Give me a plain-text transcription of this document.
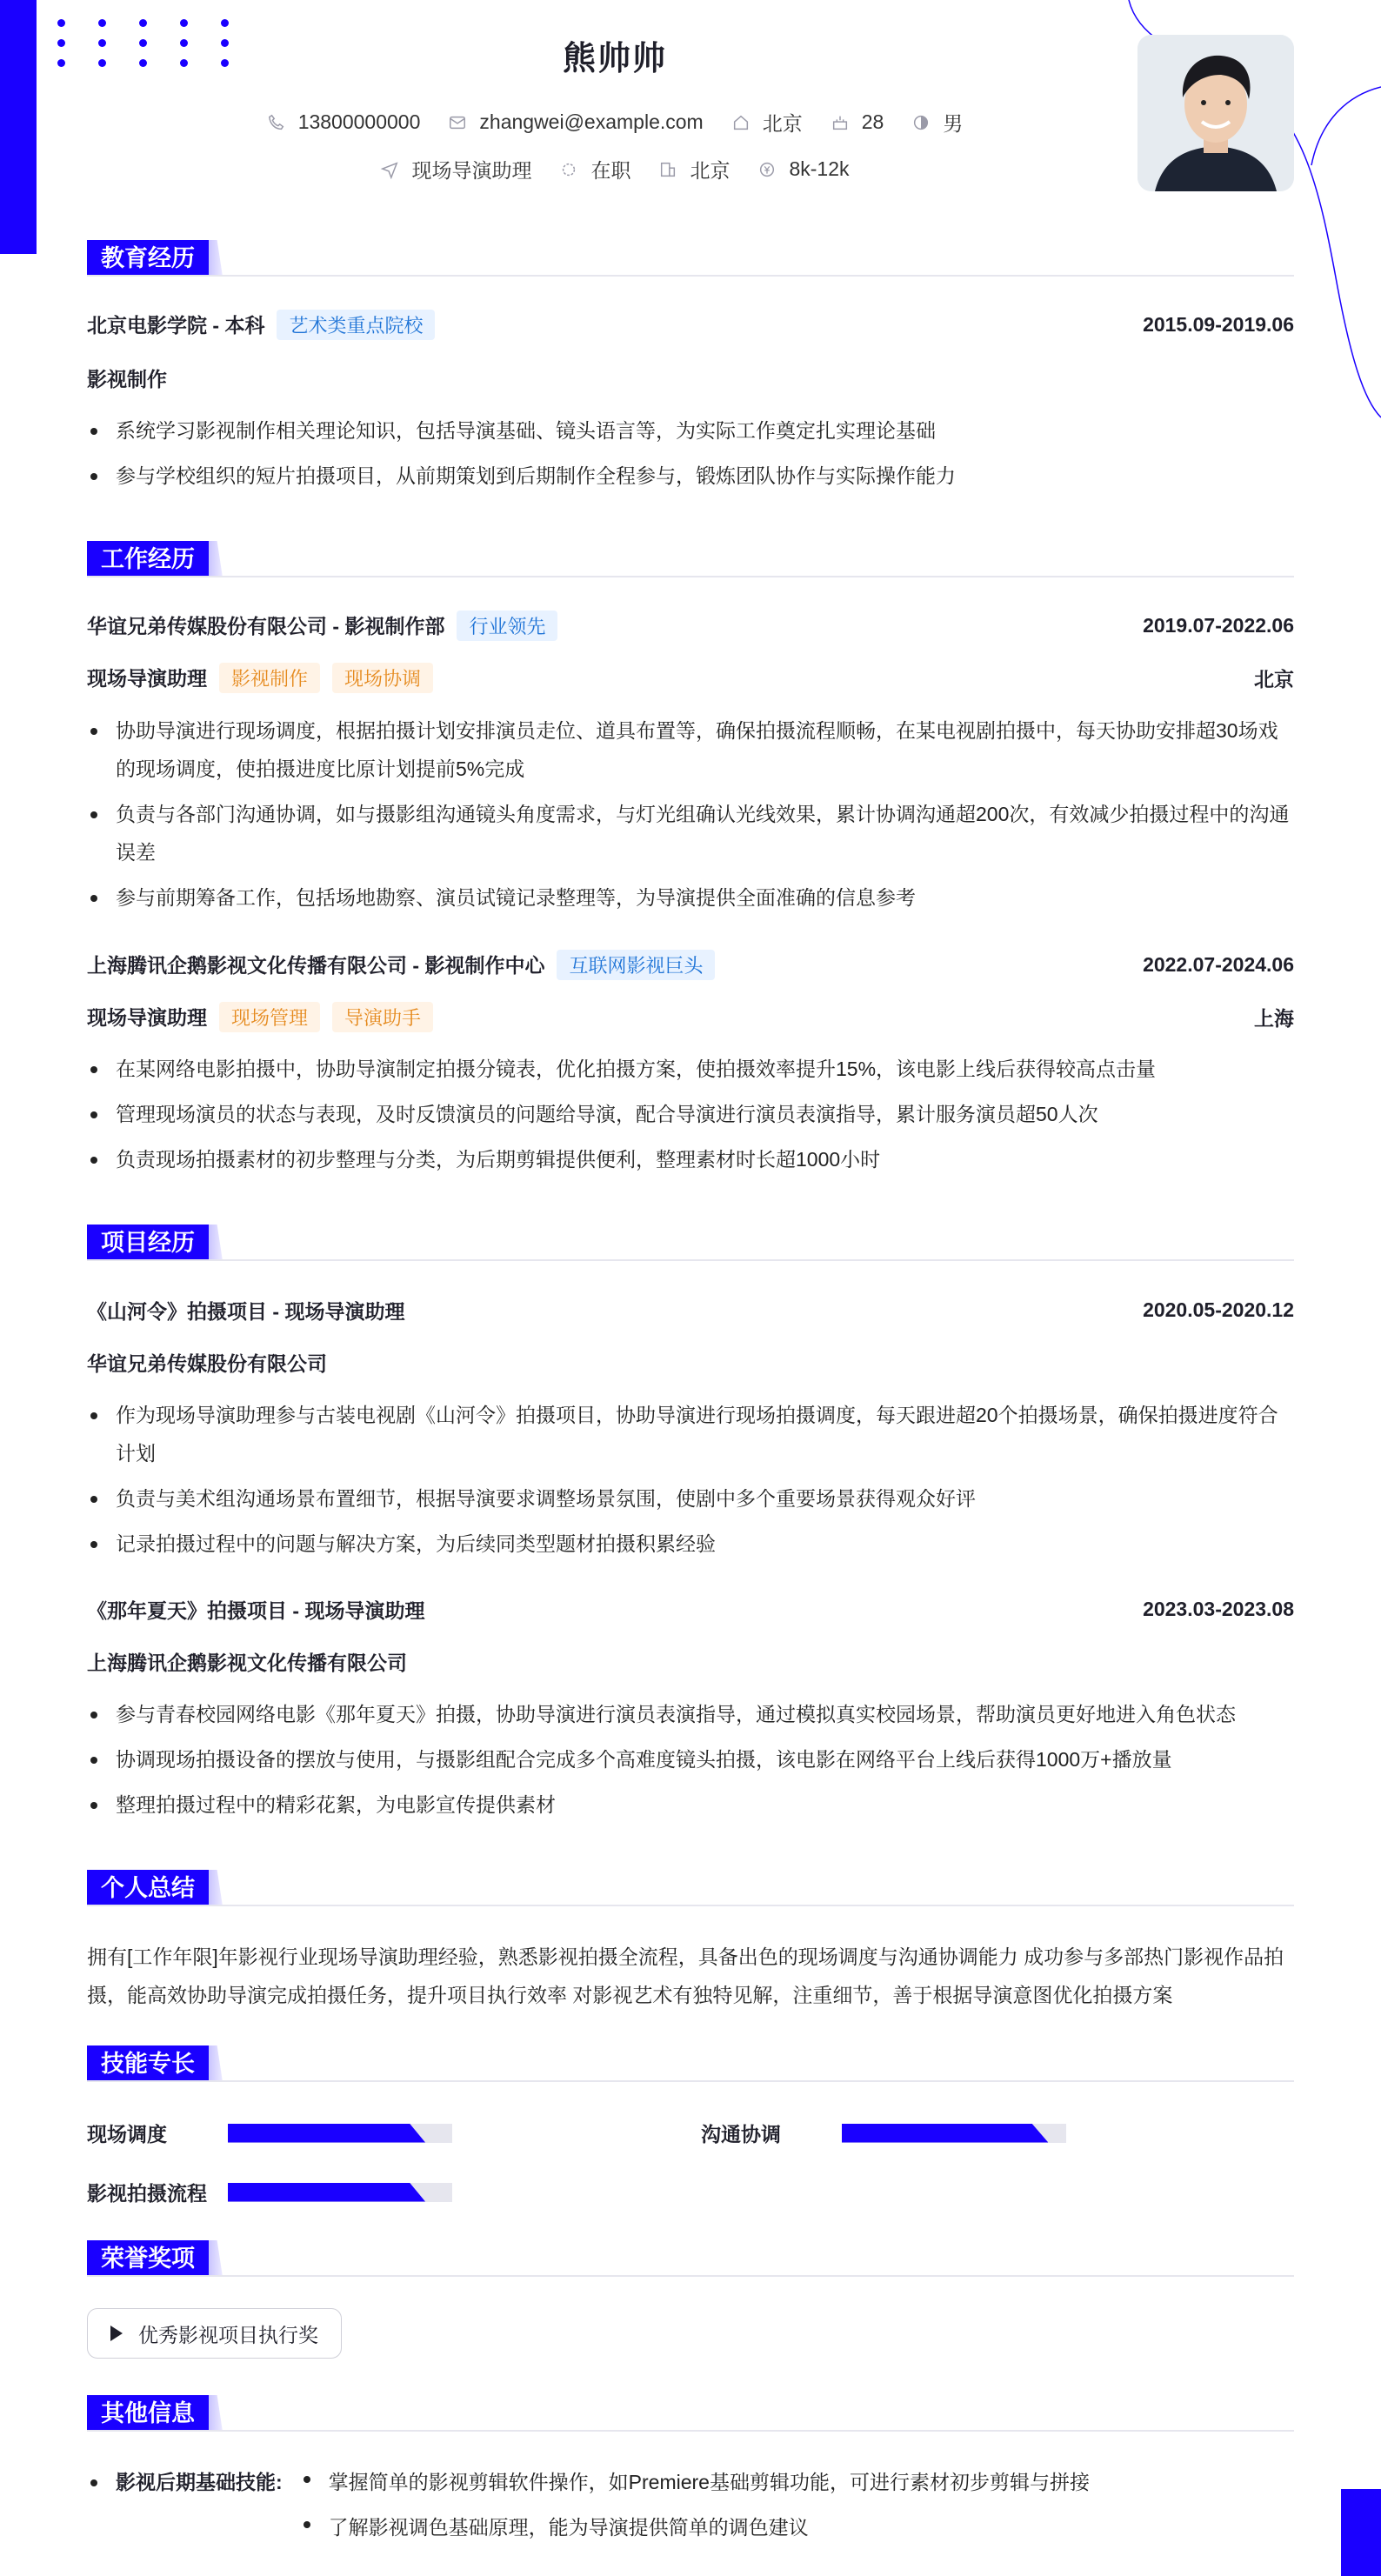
熊帅帅
13800000000	zhangwei@example.com	北京	28	男
现场导演助理	在职	北京	8k-12k
教育经历
北京电影学院 - 本科 艺术类重点院校	2015.09-2019.06
影视制作
系统学习影视制作相关理论知识，包括导演基础、镜头语言等，为实际工作奠定扎实理论基础
参与学校组织的短片拍摄项目，从前期策划到后期制作全程参与，锻炼团队协作与实际操作能力
工作经历
华谊兄弟传媒股份有限公司 - 影视制作部 行业领先	2019.07-2022.06
现场导演助理 影视制作 现场协调	北京
协助导演进行现场调度，根据拍摄计划安排演员走位、道具布置等，确保拍摄流程顺畅，在某电视剧拍摄中，每天协助安排超30场戏的现场调度，使拍摄进度比原计划提前5%完成
负责与各部门沟通协调，如与摄影组沟通镜头角度需求，与灯光组确认光线效果，累计协调沟通超200次，有效减少拍摄过程中的沟通误差
参与前期筹备工作，包括场地勘察、演员试镜记录整理等，为导演提供全面准确的信息参考
上海腾讯企鹅影视文化传播有限公司 - 影视制作中心 互联网影视巨头	2022.07-2024.06
现场导演助理 现场管理 导演助手	上海
在某网络电影拍摄中，协助导演制定拍摄分镜表，优化拍摄方案，使拍摄效率提升15%，该电影上线后获得较高点击量
管理现场演员的状态与表现，及时反馈演员的问题给导演，配合导演进行演员表演指导，累计服务演员超50人次
负责现场拍摄素材的初步整理与分类，为后期剪辑提供便利，整理素材时长超1000小时
项目经历
《山河令》拍摄项目 - 现场导演助理	2020.05-2020.12
华谊兄弟传媒股份有限公司
作为现场导演助理参与古装电视剧《山河令》拍摄项目，协助导演进行现场拍摄调度，每天跟进超20个拍摄场景，确保拍摄进度符合计划
负责与美术组沟通场景布置细节，根据导演要求调整场景氛围，使剧中多个重要场景获得观众好评
记录拍摄过程中的问题与解决方案，为后续同类型题材拍摄积累经验
《那年夏天》拍摄项目 - 现场导演助理	2023.03-2023.08
上海腾讯企鹅影视文化传播有限公司
参与青春校园网络电影《那年夏天》拍摄，协助导演进行演员表演指导，通过模拟真实校园场景，帮助演员更好地进入角色状态
协调现场拍摄设备的摆放与使用，与摄影组配合完成多个高难度镜头拍摄，该电影在网络平台上线后获得1000万+播放量
整理拍摄过程中的精彩花絮，为电影宣传提供素材
个人总结
拥有[工作年限]年影视行业现场导演助理经验，熟悉影视拍摄全流程，具备出色的现场调度与沟通协调能力 成功参与多部热门影视作品拍摄，能高效协助导演完成拍摄任务，提升项目执行效率 对影视艺术有独特见解，注重细节，善于根据导演意图优化拍摄方案
技能专长
现场调度	沟通协调
影视拍摄流程
荣誉奖项
优秀影视项目执行奖
其他信息
影视后期基础技能:	掌握简单的影视剪辑软件操作，如Premiere基础剪辑功能，可进行素材初步剪辑与拼接
了解影视调色基础原理，能为导演提供简单的调色建议
